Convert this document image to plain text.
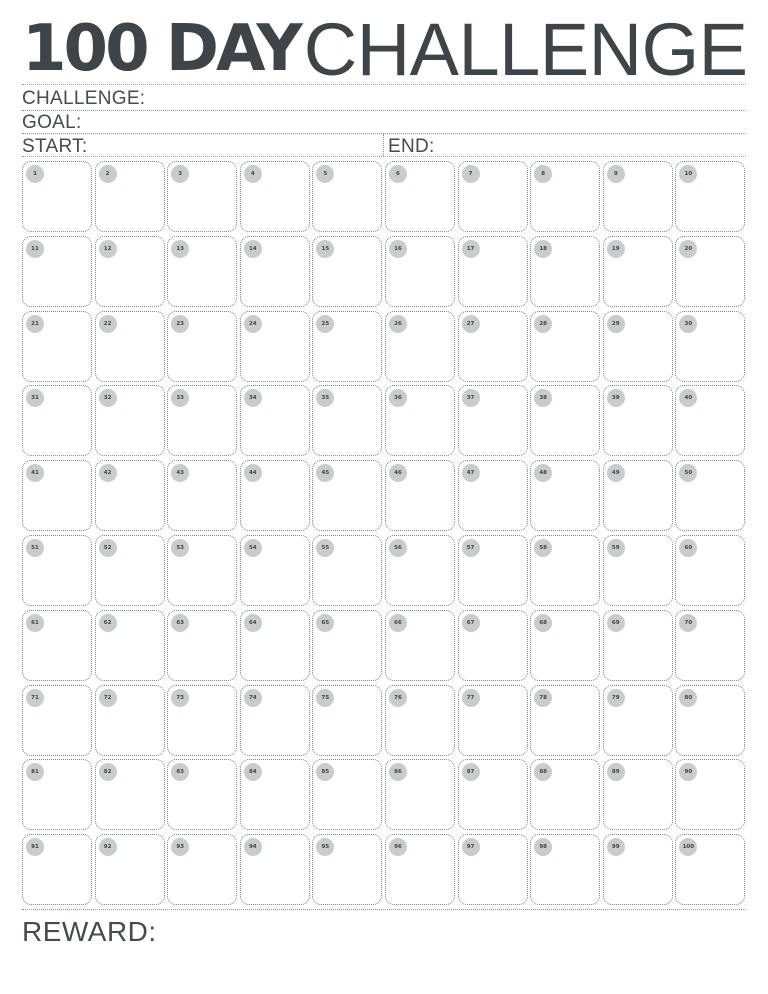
100 DAY CHALLENGE
CHALLENGE:
GOAL:
START:	END:
1	2	3	4	5	6	7	8	9	10
11	12	13	14	15	16	17	18	19	20
21	22	23	24	25	26	27	28	29	30
31	32	33	34	35	36	37	38	39	40
41	42	43	44	45	46	47	48	49	50
51	52	53	54	55	56	57	58	59	60
61	62	63	64	65	66	67	68	69	70
71	72	73	74	75	76	77	78	79	80
81	82	83	84	85	86	87	88	89	90
91	92	93	94	95	96	97	98	99	100
REWARD:
